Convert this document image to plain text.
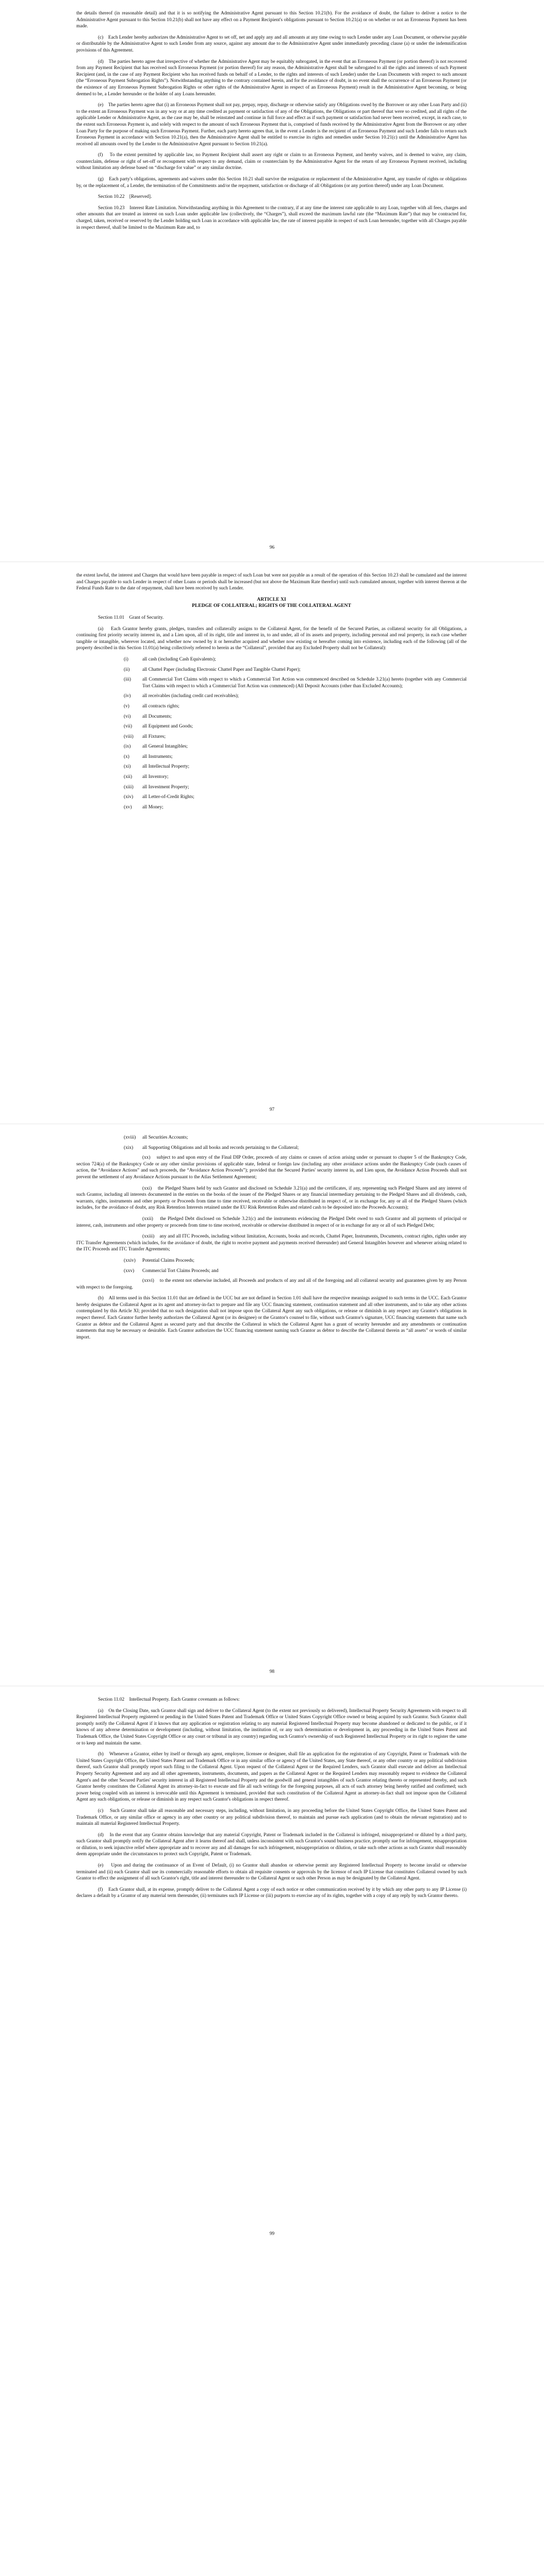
the details thereof (in reasonable detail) and that it is so notifying the Administrative Agent pursuant to this Section 10.21(b). For the avoidance of doubt, the failure to deliver a notice to the Administrative Agent pursuant to this Section 10.21(b) shall not have any effect on a Payment Recipient's obligations pursuant to Section 10.21(a) or on whether or not an Erroneous Payment has been made.

(c)    Each Lender hereby authorizes the Administrative Agent to set off, net and apply any and all amounts at any time owing to such Lender under any Loan Document, or otherwise payable or distributable by the Administrative Agent to such Lender from any source, against any amount due to the Administrative Agent under immediately preceding clause (a) or under the indemnification provisions of this Agreement.

(d)    The parties hereto agree that irrespective of whether the Administrative Agent may be equitably subrogated, in the event that an Erroneous Payment (or portion thereof) is not recovered from any Payment Recipient that has received such Erroneous Payment (or portion thereof) for any reason, the Administrative Agent shall be subrogated to all the rights and interests of such Payment Recipient (and, in the case of any Payment Recipient who has received funds on behalf of a Lender, to the rights and interests of such Lender) under the Loan Documents with respect to such amount (the “Erroneous Payment Subrogation Rights”). Notwithstanding anything to the contrary contained herein, and for the avoidance of doubt, in no event shall the occurrence of an Erroneous Payment (or the existence of any Erroneous Payment Subrogation Rights or other rights of the Administrative Agent in respect of an Erroneous Payment) result in the Administrative Agent becoming, or being deemed to be, a Lender hereunder or the holder of any Loans hereunder.

(e)    The parties hereto agree that (i) an Erroneous Payment shall not pay, prepay, repay, discharge or otherwise satisfy any Obligations owed by the Borrower or any other Loan Party and (ii) to the extent an Erroneous Payment was in any way or at any time credited as payment or satisfaction of any of the Obligations, the Obligations or part thereof that were so credited, and all rights of the applicable Lender or Administrative Agent, as the case may be, shall be reinstated and continue in full force and effect as if such payment or satisfaction had never been received, except, in each case, to the extent such Erroneous Payment is, and solely with respect to the amount of such Erroneous Payment that is, comprised of funds received by the Administrative Agent from the Borrower or any other Loan Party for the purpose of making such Erroneous Payment. Further, each party hereto agrees that, in the event a Lender is the recipient of an Erroneous Payment and such Lender fails to return such Erroneous Payment in accordance with Section 10.21(a), then the Administrative Agent shall be entitled to exercise its rights and remedies under Section 10.21(c) until the Administrative Agent has received all amounts owed by the Lender to the Administrative Agent pursuant to Section 10.21(a).

(f)    To the extent permitted by applicable law, no Payment Recipient shall assert any right or claim to an Erroneous Payment, and hereby waives, and is deemed to waive, any claim, counterclaim, defense or right of set-off or recoupment with respect to any demand, claim or counterclaim by the Administrative Agent for the return of any Erroneous Payment received, including without limitation any defense based on “discharge for value” or any similar doctrine.

(g)    Each party's obligations, agreements and waivers under this Section 10.21 shall survive the resignation or replacement of the Administrative Agent, any transfer of rights or obligations by, or the replacement of, a Lender, the termination of the Commitments and/or the repayment, satisfaction or discharge of all Obligations (or any portion thereof) under any Loan Document.

Section 10.22    [Reserved].

Section 10.23    Interest Rate Limitation. Notwithstanding anything in this Agreement to the contrary, if at any time the interest rate applicable to any Loan, together with all fees, charges and other amounts that are treated as interest on such Loan under applicable law (collectively, the “Charges”), shall exceed the maximum lawful rate (the “Maximum Rate”) that may be contracted for, charged, taken, received or reserved by the Lender holding such Loan in accordance with applicable law, the rate of interest payable in respect of such Loan hereunder, together with all Charges payable in respect thereof, shall be limited to the Maximum Rate and, to

96

the extent lawful, the interest and Charges that would have been payable in respect of such Loan but were not payable as a result of the operation of this Section 10.23 shall be cumulated and the interest and Charges payable to such Lender in respect of other Loans or periods shall be increased (but not above the Maximum Rate therefor) until such cumulated amount, together with interest thereon at the Federal Funds Rate to the date of repayment, shall have been received by such Lender.

ARTICLE XI
PLEDGE OF COLLATERAL; RIGHTS OF THE COLLATERAL AGENT

Section 11.01    Grant of Security.

(a)    Each Grantor hereby grants, pledges, transfers and collaterally assigns to the Collateral Agent, for the benefit of the Secured Parties, as collateral security for all Obligations, a continuing first priority security interest in, and a Lien upon, all of its right, title and interest in, to and under, all of its assets and property, including personal and real property, in each case whether tangible or intangible, wherever located, and whether now owned by it or hereafter acquired and whether now existing or hereafter coming into existence, including each of the following (all of the property described in this Section 11.01(a) being collectively referred to herein as the “Collateral”, provided that any Excluded Property shall not be Collateral):

(i)	all cash (including Cash Equivalents);
(ii)	all Chattel Paper (including Electronic Chattel Paper and Tangible Chattel Paper);
(iii) all Commercial Tort Claims with respect to which a Commercial Tort Action was commenced described on Schedule 3.21(a) hereto (together with any Commercial Tort Claims with respect to which a Commercial Tort Action was commenced) (All Deposit Accounts (other than Excluded Accounts);
(iv) all receivables (including credit card receivables);
(v)	all contracts rights;
(vi) all Documents;
(vii) all Equipment and Goods;
(viii) all Fixtures;
(ix) all General Intangibles;
(x)	all Instruments;
(xi) all Intellectual Property;
(xii) all Inventory;
(xiii) all Investment Property;
(xiv) all Letter-of-Credit Rights;
(xv) all Money;
97
(xviii) all Securities Accounts;
(xix) all Supporting Obligations and all books and records pertaining to the Collateral;

(xx)    subject to and upon entry of the Final DIP Order, proceeds of any claims or causes of action arising under or pursuant to chapter 5 of the Bankruptcy Code, section 724(a) of the Bankruptcy Code or any other similar provisions of applicable state, federal or foreign law (including any other avoidance actions under the Bankruptcy Code (such causes of action, the “Avoidance Actions” and such proceeds, the “Avoidance Action Proceeds”); provided that the Secured Parties' security interest in, and Lien upon, the Avoidance Action Proceeds shall not prevent the settlement of any Avoidance Actions pursuant to the Atlas Settlement Agreement;

(xxi)    the Pledged Shares held by such Grantor and disclosed on Schedule 3.21(a) and the certificates, if any, representing such Pledged Shares and any interest of such Grantor, including all interests documented in the entries on the books of the issuer of the Pledged Shares or any financial intermediary pertaining to the Pledged Shares and all dividends, cash, warrants, rights, instruments and other property or Proceeds from time to time received, receivable or otherwise distributed in respect of, or in exchange for, any or all of the Pledged Shares (which includes, for the avoidance of doubt, any Risk Retention Interests retained under the EU Risk Retention Rules and related cash to be deposited into the Proceeds Accounts);

(xxii)    the Pledged Debt disclosed on Schedule 3.21(c) and the instruments evidencing the Pledged Debt owed to such Grantor and all payments of principal or interest, cash, instruments and other property or proceeds from time to time received, receivable or otherwise distributed in respect of or in exchange for any or all of such Pledged Debt;

(xxiii)    any and all ITC Proceeds, including without limitation, Accounts, books and records, Chattel Paper, Instruments, Documents, contract rights, rights under any ITC Transfer Agreements (which includes, for the avoidance of doubt, the right to receive payment and payments received thereunder) and General Intangibles however and whenever arising related to the ITC Proceeds and ITC Transfer Agreements;

(xxiv) Potential Claims Proceeds;
(xxv) Commercial Tort Claims Proceeds; and

(xxvi)    to the extent not otherwise included, all Proceeds and products of any and all of the foregoing and all collateral security and guarantees given by any Person with respect to the foregoing.

(b)    All terms used in this Section 11.01 that are defined in the UCC but are not defined in Section 1.01 shall have the respective meanings assigned to such terms in the UCC. Each Grantor hereby designates the Collateral Agent as its agent and attorney-in-fact to prepare and file any UCC financing statement, continuation statement and all other instruments, and to take any other actions contemplated by this Article XI; provided that no such designation shall not impose upon the Collateral Agent any such obligations, or release or diminish in any respect any Grantor's obligations in respect thereof. Each Grantor further hereby authorizes the Collateral Agent (or its designee) or the Grantor's counsel to file, without such Grantor's signature, UCC financing statements that name such Grantor as debtor and the Collateral Agent as secured party and that describe the Collateral in which the Collateral Agent has a grant of security hereunder and any amendments or continuation statements that may be necessary or desirable. Each Grantor authorizes the UCC financing statement naming such Grantor as debtor to describe the Collateral therein as “all assets” or words of similar import.

98

Section 11.02    Intellectual Property. Each Grantor covenants as follows:

(a)    On the Closing Date, such Grantor shall sign and deliver to the Collateral Agent (to the extent not previously so delivered), Intellectual Property Security Agreements with respect to all Registered Intellectual Property registered or pending in the United States Patent and Trademark Office or United States Copyright Office owned or being acquired by such Grantor. Such Grantor shall promptly notify the Collateral Agent if it knows that any application or registration relating to any material Registered Intellectual Property may become abandoned or dedicated to the public, or if it knows of any adverse determination or development (including, without limitation, the institution of, or any such determination or development in, any proceeding in the United States Patent and Trademark Office, the United States Copyright Office or any court or tribunal in any country) regarding such Grantor's ownership of such Registered Intellectual Property or its right to register the same or to keep and maintain the same.

(b)    Whenever a Grantor, either by itself or through any agent, employee, licensee or designee, shall file an application for the registration of any Copyright, Patent or Trademark with the United States Copyright Office, the United States Patent and Trademark Office or in any similar office or agency of the United States, any State thereof, or any other country or any political subdivision thereof, such Grantor shall promptly report such filing to the Collateral Agent. Upon request of the Collateral Agent or the Required Lenders, such Grantor shall execute and deliver an Intellectual Property Security Agreement and any and all other agreements, instruments, documents, and papers as the Collateral Agent or the Required Lenders may reasonably request to evidence the Collateral Agent's and the other Secured Parties' security interest in all Registered Intellectual Property and the goodwill and general intangibles of such Grantor relating thereto or represented thereby, and such Grantor hereby constitutes the Collateral Agent its attorney-in-fact to execute and file all such writings for the foregoing purposes, all acts of such attorney being hereby ratified and confirmed; such power being coupled with an interest is irrevocable until this Agreement is terminated, provided that such constitution of the Collateral Agent as attorney-in-fact shall not impose upon the Collateral Agent any such obligations, or release or diminish in any respect such Grantor's obligations in respect thereof.

(c)    Such Grantor shall take all reasonable and necessary steps, including, without limitation, in any proceeding before the United States Copyright Office, the United States Patent and Trademark Office, or any similar office or agency in any other country or any political subdivision thereof, to maintain and pursue each application (and to obtain the relevant registration) and to maintain all material Registered Intellectual Property.

(d)    In the event that any Grantor obtains knowledge that any material Copyright, Patent or Trademark included in the Collateral is infringed, misappropriated or diluted by a third party, such Grantor shall promptly notify the Collateral Agent after it learns thereof and shall, unless inconsistent with such Grantor's sound business practice, promptly sue for infringement, misappropriation or dilution, to seek injunctive relief where appropriate and to recover any and all damages for such infringement, misappropriation or dilution, or take such other actions as such Grantor shall reasonably deem appropriate under the circumstances to protect such Copyright, Patent or Trademark.

(e)    Upon and during the continuance of an Event of Default, (i) no Grantor shall abandon or otherwise permit any Registered Intellectual Property to become invalid or otherwise terminated and (ii) each Grantor shall use its commercially reasonable efforts to obtain all requisite consents or approvals by the licensor of each IP License that constitutes Collateral owned by such Grantor to effect the assignment of all such Grantor's right, title and interest thereunder to the Collateral Agent or such other Person as may be designated by the Collateral Agent.

(f)    Each Grantor shall, at its expense, promptly deliver to the Collateral Agent a copy of each notice or other communication received by it by which any other party to any IP License (i) declares a default by a Grantor of any material term thereunder, (ii) terminates such IP License or (iii) purports to exercise any of its rights, together with a copy of any reply by such Grantor thereto.

99
